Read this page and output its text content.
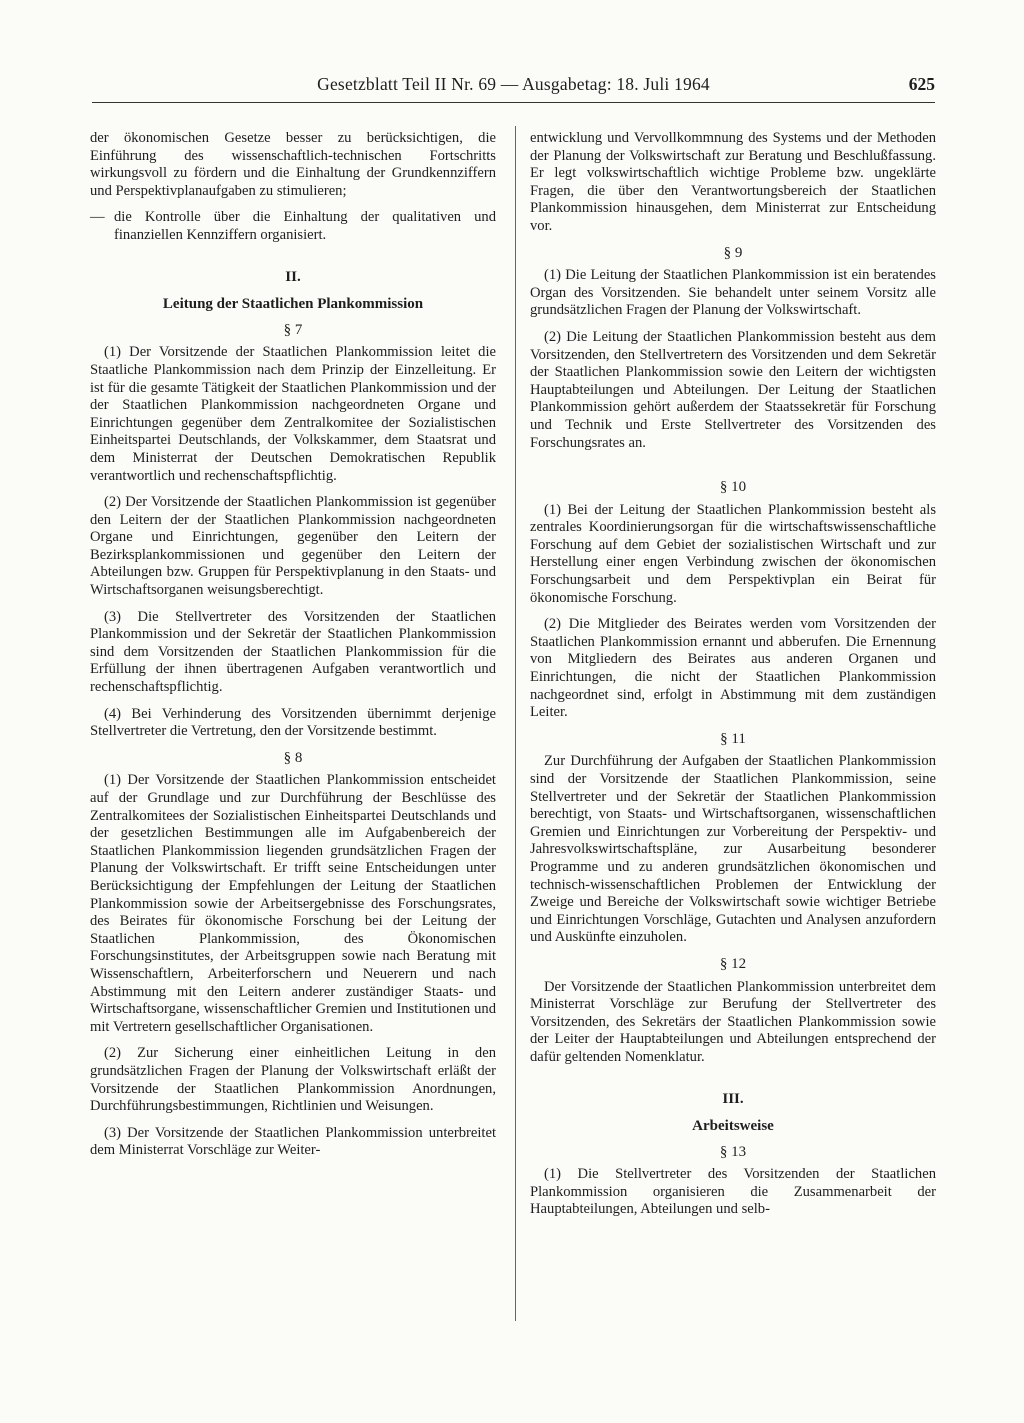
Gesetzblatt Teil II Nr. 69 — Ausgabetag: 18. Juli 1964	625

der ökonomischen Gesetze besser zu berücksichtigen, die Einführung des wissenschaftlich-technischen Fortschritts wirkungsvoll zu fördern und die Einhaltung der Grundkennziffern und Perspektivplanaufgaben zu stimulieren;

— die Kontrolle über die Einhaltung der qualitativen und finanziellen Kennziffern organisiert.
II.
Leitung der Staatlichen Plankommission
§ 7

(1) Der Vorsitzende der Staatlichen Plankommission leitet die Staatliche Plankommission nach dem Prinzip der Einzelleitung. Er ist für die gesamte Tätigkeit der Staatlichen Plankommission und der der Staatlichen Plankommission nachgeordneten Organe und Einrichtungen gegenüber dem Zentralkomitee der Sozialistischen Einheitspartei Deutschlands, der Volkskammer, dem Staatsrat und dem Ministerrat der Deutschen Demokratischen Republik verantwortlich und rechenschaftspflichtig.

(2) Der Vorsitzende der Staatlichen Plankommission ist gegenüber den Leitern der der Staatlichen Plankommission nachgeordneten Organe und Einrichtungen, gegenüber den Leitern der Bezirksplankommissionen und gegenüber den Leitern der Abteilungen bzw. Gruppen für Perspektivplanung in den Staats- und Wirtschaftsorganen weisungsberechtigt.

(3) Die Stellvertreter des Vorsitzenden der Staatlichen Plankommission und der Sekretär der Staatlichen Plankommission sind dem Vorsitzenden der Staatlichen Plankommission für die Erfüllung der ihnen übertragenen Aufgaben verantwortlich und rechenschaftspflichtig.

(4) Bei Verhinderung des Vorsitzenden übernimmt derjenige Stellvertreter die Vertretung, den der Vorsitzende bestimmt.

§ 8

(1) Der Vorsitzende der Staatlichen Plankommission entscheidet auf der Grundlage und zur Durchführung der Beschlüsse des Zentralkomitees der Sozialistischen Einheitspartei Deutschlands und der gesetzlichen Bestimmungen alle im Aufgabenbereich der Staatlichen Plankommission liegenden grundsätzlichen Fragen der Planung der Volkswirtschaft. Er trifft seine Entscheidungen unter Berücksichtigung der Empfehlungen der Leitung der Staatlichen Plankommission sowie der Arbeitsergebnisse des Forschungsrates, des Beirates für ökonomische Forschung bei der Leitung der Staatlichen Plankommission, des Ökonomischen Forschungsinstitutes, der Arbeitsgruppen sowie nach Beratung mit Wissenschaftlern, Arbeiterforschern und Neuerern und nach Abstimmung mit den Leitern anderer zuständiger Staats- und Wirtschaftsorgane, wissenschaftlicher Gremien und Institutionen und mit Vertretern gesellschaftlicher Organisationen.

(2) Zur Sicherung einer einheitlichen Leitung in den grundsätzlichen Fragen der Planung der Volkswirtschaft erläßt der Vorsitzende der Staatlichen Plankommission Anordnungen, Durchführungsbestimmungen, Richtlinien und Weisungen.

(3) Der Vorsitzende der Staatlichen Plankommission unterbreitet dem Ministerrat Vorschläge zur Weiter-

entwicklung und Vervollkommnung des Systems und der Methoden der Planung der Volkswirtschaft zur Beratung und Beschlußfassung. Er legt volkswirtschaftlich wichtige Probleme bzw. ungeklärte Fragen, die über den Verantwortungsbereich der Staatlichen Plankommission hinausgehen, dem Ministerrat zur Entscheidung vor.

§ 9

(1) Die Leitung der Staatlichen Plankommission ist ein beratendes Organ des Vorsitzenden. Sie behandelt unter seinem Vorsitz alle grundsätzlichen Fragen der Planung der Volkswirtschaft.

(2) Die Leitung der Staatlichen Plankommission besteht aus dem Vorsitzenden, den Stellvertretern des Vorsitzenden und dem Sekretär der Staatlichen Plankommission sowie den Leitern der wichtigsten Hauptabteilungen und Abteilungen. Der Leitung der Staatlichen Plankommission gehört außerdem der Staatssekretär für Forschung und Technik und Erste Stellvertreter des Vorsitzenden des Forschungsrates an.

§ 10

(1) Bei der Leitung der Staatlichen Plankommission besteht als zentrales Koordinierungsorgan für die wirtschaftswissenschaftliche Forschung auf dem Gebiet der sozialistischen Wirtschaft und zur Herstellung einer engen Verbindung zwischen der ökonomischen Forschungsarbeit und dem Perspektivplan ein Beirat für ökonomische Forschung.

(2) Die Mitglieder des Beirates werden vom Vorsitzenden der Staatlichen Plankommission ernannt und abberufen. Die Ernennung von Mitgliedern des Beirates aus anderen Organen und Einrichtungen, die nicht der Staatlichen Plankommission nachgeordnet sind, erfolgt in Abstimmung mit dem zuständigen Leiter.

§ 11

Zur Durchführung der Aufgaben der Staatlichen Plankommission sind der Vorsitzende der Staatlichen Plankommission, seine Stellvertreter und der Sekretär der Staatlichen Plankommission berechtigt, von Staats- und Wirtschaftsorganen, wissenschaftlichen Gremien und Einrichtungen zur Vorbereitung der Perspektiv- und Jahresvolkswirtschaftspläne, zur Ausarbeitung besonderer Programme und zu anderen grundsätzlichen ökonomischen und technisch-wissenschaftlichen Problemen der Entwicklung der Zweige und Bereiche der Volkswirtschaft sowie wichtiger Betriebe und Einrichtungen Vorschläge, Gutachten und Analysen anzufordern und Auskünfte einzuholen.

§ 12

Der Vorsitzende der Staatlichen Plankommission unterbreitet dem Ministerrat Vorschläge zur Berufung der Stellvertreter des Vorsitzenden, des Sekretärs der Staatlichen Plankommission sowie der Leiter der Hauptabteilungen und Abteilungen entsprechend der dafür geltenden Nomenklatur.

III.
Arbeitsweise
§ 13

(1) Die Stellvertreter des Vorsitzenden der Staatlichen Plankommission organisieren die Zusammenarbeit der Hauptabteilungen, Abteilungen und selb-
